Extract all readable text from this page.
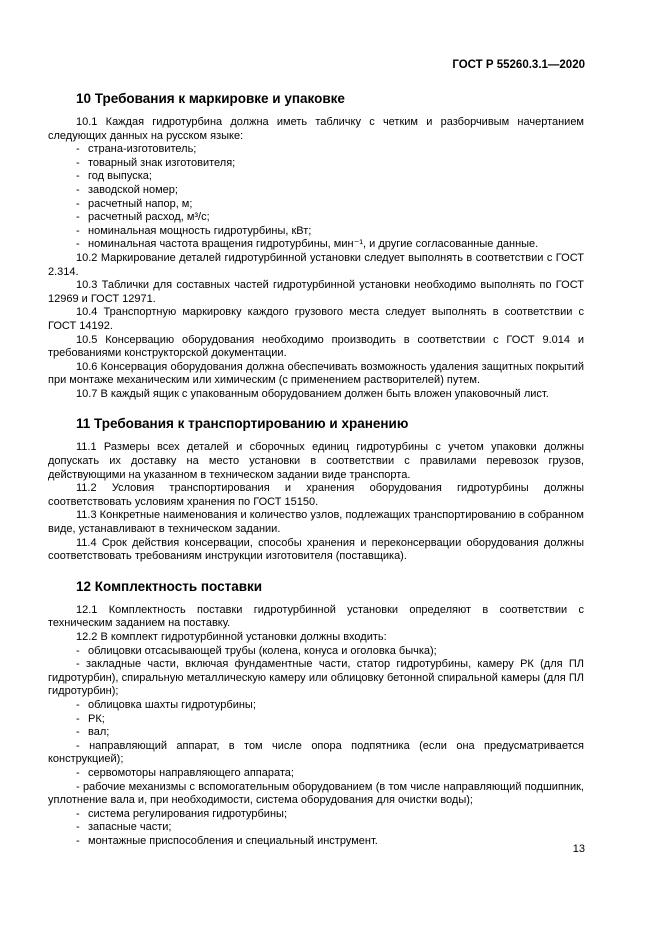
ГОСТ Р 55260.3.1—2020
10 Требования к маркировке и упаковке

10.1 Каждая гидротурбина должна иметь табличку с четким и разборчивым начертанием следующих данных на русском языке:

- страна-изготовитель;
- товарный знак изготовителя;
- год выпуска;
- заводской номер;
- расчетный напор, м;
- расчетный расход, м³/с;
- номинальная мощность гидротурбины, кВт;
- номинальная частота вращения гидротурбины, мин⁻¹, и другие согласованные данные.

10.2 Маркирование деталей гидротурбинной установки следует выполнять в соответствии с ГОСТ 2.314.

10.3 Таблички для составных частей гидротурбинной установки необходимо выполнять по ГОСТ 12969 и ГОСТ 12971.

10.4 Транспортную маркировку каждого грузового места следует выполнять в соответствии с ГОСТ 14192.

10.5 Консервацию оборудования необходимо производить в соответствии с ГОСТ 9.014 и требованиями конструкторской документации.

10.6 Консервация оборудования должна обеспечивать возможность удаления защитных покрытий при монтаже механическим или химическим (с применением растворителей) путем.

10.7 В каждый ящик с упакованным оборудованием должен быть вложен упаковочный лист.

11 Требования к транспортированию и хранению

11.1 Размеры всех деталей и сборочных единиц гидротурбины с учетом упаковки должны допускать их доставку на место установки в соответствии с правилами перевозок грузов, действующими на указанном в техническом задании виде транспорта.

11.2 Условия транспортирования и хранения оборудования гидротурбины должны соответствовать условиям хранения по ГОСТ 15150.

11.3 Конкретные наименования и количество узлов, подлежащих транспортированию в собранном виде, устанавливают в техническом задании.

11.4 Срок действия консервации, способы хранения и переконсервации оборудования должны соответствовать требованиям инструкции изготовителя (поставщика).

12 Комплектность поставки

12.1 Комплектность поставки гидротурбинной установки определяют в соответствии с техническим заданием на поставку.

12.2 В комплект гидротурбинной установки должны входить:

- облицовки отсасывающей трубы (колена, конуса и оголовка бычка);
- закладные части, включая фундаментные части, статор гидротурбины, камеру РК (для ПЛ гидротурбин), спиральную металлическую камеру или облицовку бетонной спиральной камеры (для ПЛ гидротурбин);
- облицовка шахты гидротурбины;
- РК;
- вал;
- направляющий аппарат, в том числе опора подпятника (если она предусматривается конструкцией);
- сервомоторы направляющего аппарата;
- рабочие механизмы с вспомогательным оборудованием (в том числе направляющий подшипник, уплотнение вала и, при необходимости, система оборудования для очистки воды);
- система регулирования гидротурбины;
- запасные части;
- монтажные приспособления и специальный инструмент.
13
